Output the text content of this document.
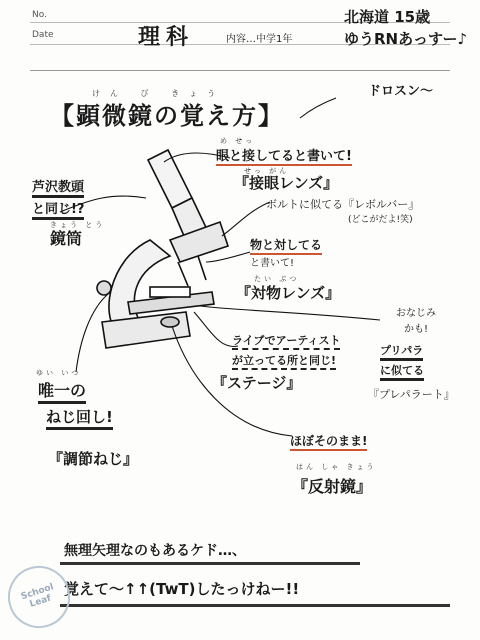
No.
Date	理科	内容…中学1年
北海道 15歳
ゆうRNあっすー♪
けん び きょう
【顕微鏡の覚え方】
ドロスン〜
め せっ
眼と接してると書いて!
せっ がん
『接眼レンズ』
芦沢教頭
と同じ!?
きょう とう
鏡筒
ボルトに似てる『レボルバー』
(どこがだよ!笑)
物と対してる
と書いて!
たい ぶつ
『対物レンズ』
ライブでアーティスト
が立ってる所と同じ!
『ステージ』
おなじみ
かも!
プリパラ
に似てる
『プレパラート』
ゆい いつ
唯一の
ねじ回し!
『調節ねじ』
ほぼそのまま!
はん しゃ きょう
『反射鏡』
無理矢理なのもあるケド…、
覚えて〜↑↑(TwT)したっけねー!!
School Leaf
